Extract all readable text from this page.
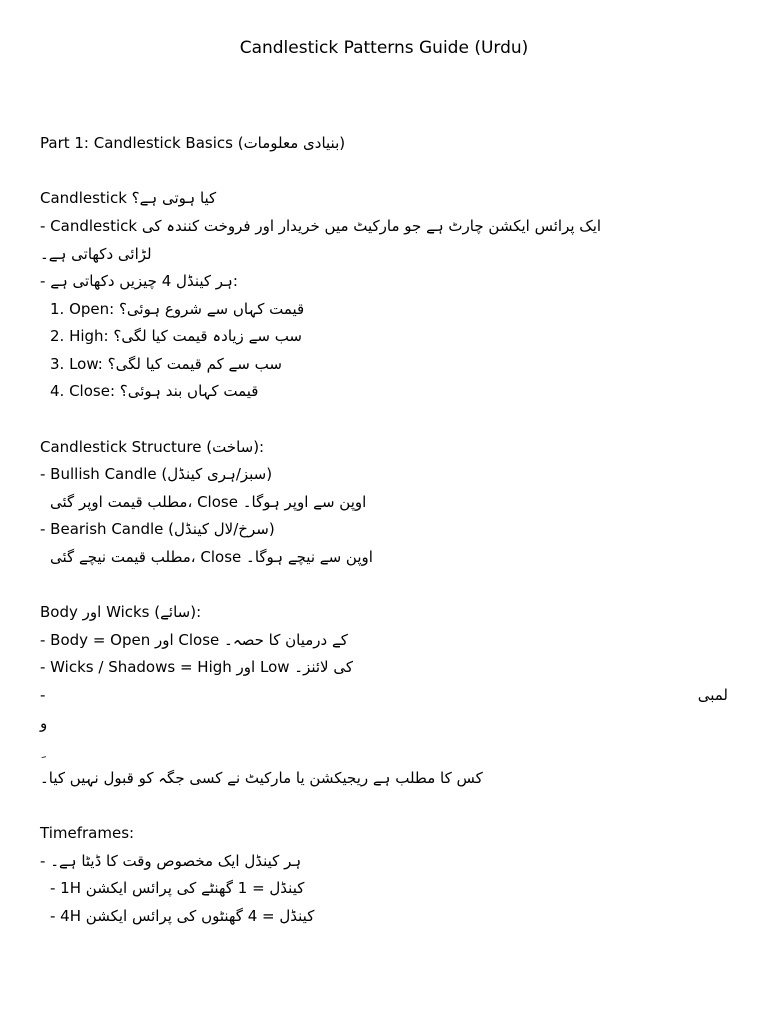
Candlestick Patterns Guide (Urdu)
Part 1: Candlestick Basics (بنیادی معلومات)
Candlestick کیا ہوتی ہے؟
- Candlestick ایک پرائس ایکشن چارٹ ہے جو مارکیٹ میں خریدار اور فروخت کنندہ کی
لڑائی دکھاتی ہے۔
- ہر کینڈل 4 چیزیں دکھاتی ہے:
1. Open: قیمت کہاں سے شروع ہوئی؟
2. High: سب سے زیادہ قیمت کیا لگی؟
3. Low: سب سے کم قیمت کیا لگی؟
4. Close: قیمت کہاں بند ہوئی؟
Candlestick Structure (ساخت):
- Bullish Candle (سبز/ہری کینڈل)
مطلب قیمت اوپر گئی، Close اوپن سے اوپر ہوگا۔
- Bearish Candle (سرخ/لال کینڈل)
مطلب قیمت نیچے گئی، Close اوپن سے نیچے ہوگا۔
Body اور Wicks (سائے):
- Body = Open اور Close کے درمیان کا حصہ۔
- Wicks / Shadows = High اور Low کی لائنز۔
-	لمبی
و
کس کا مطلب ہے ریجیکشن یا مارکیٹ نے کسی جگہ کو قبول نہیں کیا۔
Timeframes:
- ہر کینڈل ایک مخصوص وقت کا ڈیٹا ہے۔
- 1H کینڈل = 1 گھنٹے کی پرائس ایکشن
- 4H کینڈل = 4 گھنٹوں کی پرائس ایکشن
